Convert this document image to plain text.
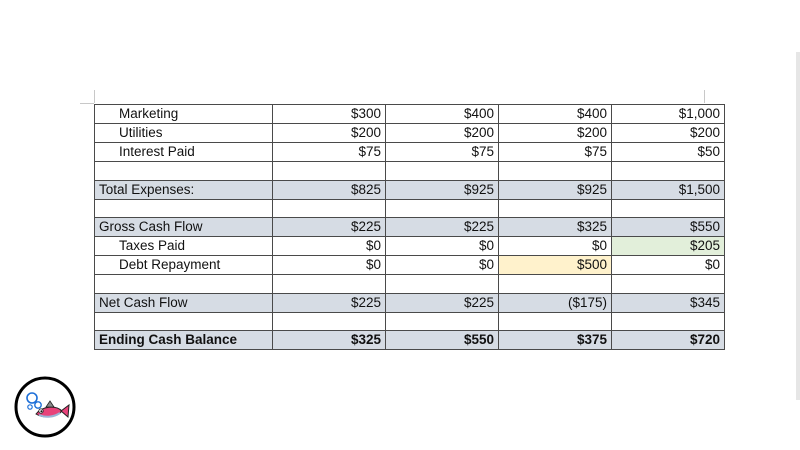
Marketing	$300	$400	$400	$1,000
Utilities	$200	$200	$200	$200
Interest Paid	$75	$75	$75	$50

Total Expenses:	$825	$925	$925	$1,500

Gross Cash Flow	$225	$225	$325	$550
Taxes Paid	$0	$0	$0	$205
Debt Repayment	$0	$0	$500	$0

Net Cash Flow	$225	$225	($175)	$345

Ending Cash Balance	$325	$550	$375	$720
